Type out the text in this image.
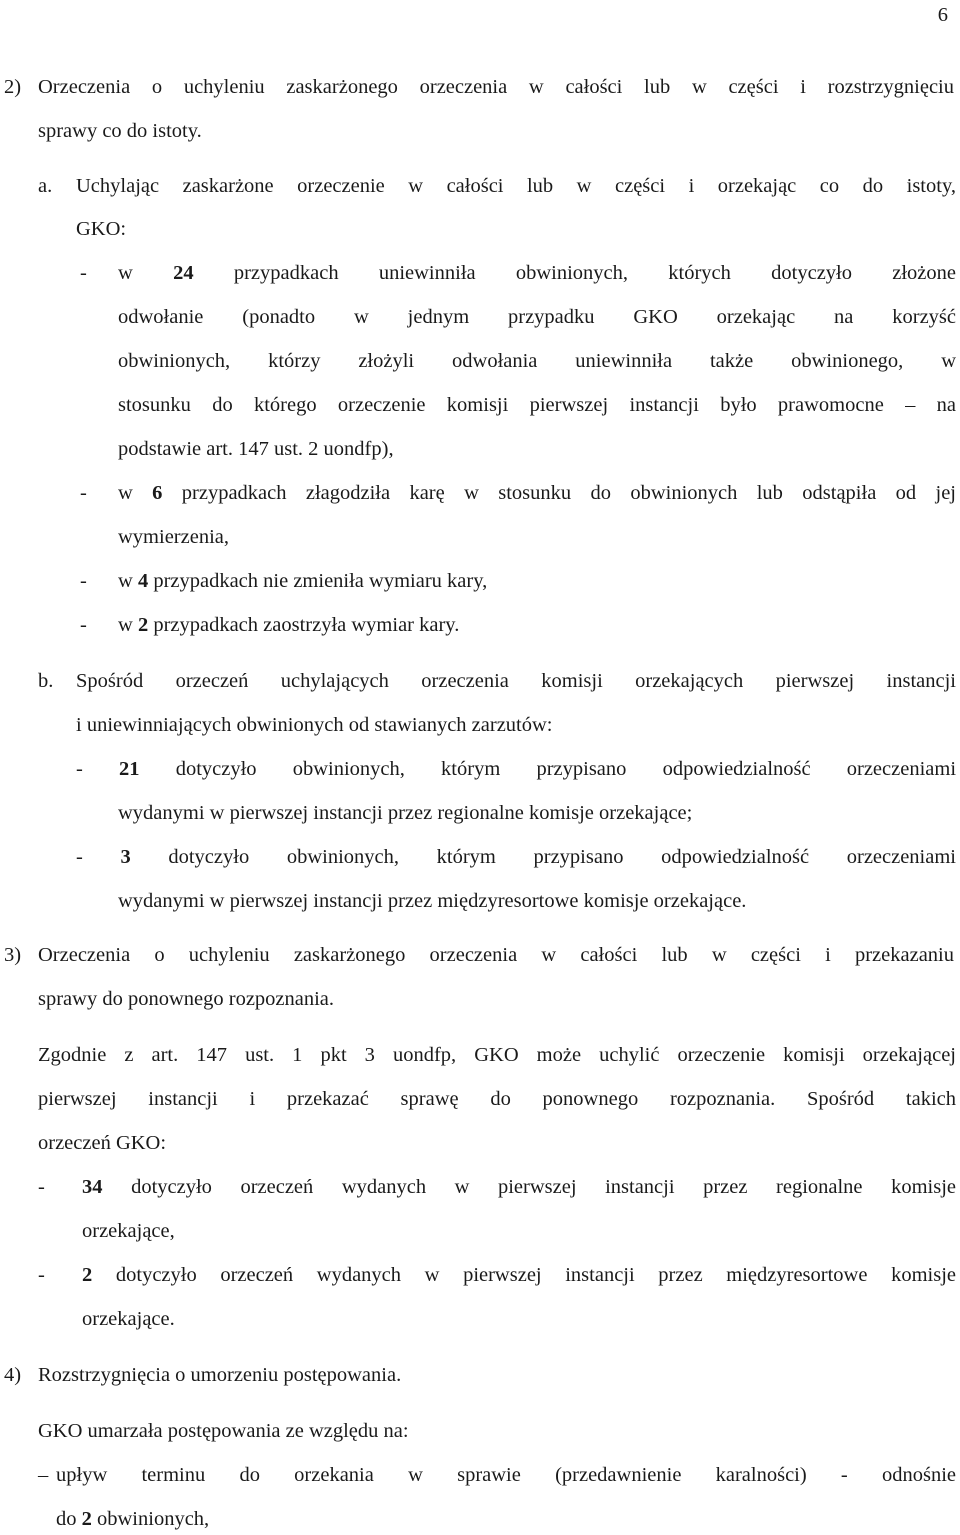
6
2) Orzeczenia o uchyleniu zaskarżonego orzeczenia w całości lub w części i rozstrzygnięciu
sprawy co do istoty.
a. Uchylając zaskarżone orzeczenie w całości lub w części i orzekając co do istoty,
GKO:
- w 24 przypadkach uniewinniła obwinionych, których dotyczyło złożone
odwołanie (ponadto w jednym przypadku GKO orzekając na korzyść
obwinionych, którzy złożyli odwołania uniewinniła także obwinionego, w
stosunku do którego orzeczenie komisji pierwszej instancji było prawomocne – na
podstawie art. 147 ust. 2 uondfp),
- w 6 przypadkach złagodziła karę w stosunku do obwinionych lub odstąpiła od jej
wymierzenia,
- w 4 przypadkach nie zmieniła wymiaru kary,
- w 2 przypadkach zaostrzyła wymiar kary.
b. Spośród orzeczeń uchylających orzeczenia komisji orzekających pierwszej instancji
i uniewinniających obwinionych od stawianych zarzutów:
- 21 dotyczyło obwinionych, którym przypisano odpowiedzialność orzeczeniami
wydanymi w pierwszej instancji przez regionalne komisje orzekające;
- 3 dotyczyło obwinionych, którym przypisano odpowiedzialność orzeczeniami
wydanymi w pierwszej instancji przez międzyresortowe komisje orzekające.
3) Orzeczenia o uchyleniu zaskarżonego orzeczenia w całości lub w części i przekazaniu
sprawy do ponownego rozpoznania.
Zgodnie z art. 147 ust. 1 pkt 3 uondfp, GKO może uchylić orzeczenie komisji orzekającej
pierwszej instancji i przekazać sprawę do ponownego rozpoznania. Spośród takich
orzeczeń GKO:
- 34 dotyczyło orzeczeń wydanych w pierwszej instancji przez regionalne komisje
orzekające,
- 2 dotyczyło orzeczeń wydanych w pierwszej instancji przez międzyresortowe komisje
orzekające.
4) Rozstrzygnięcia o umorzeniu postępowania.
GKO umarzała postępowania ze względu na:
– upływ terminu do orzekania w sprawie (przedawnienie karalności) - odnośnie
do 2 obwinionych,
